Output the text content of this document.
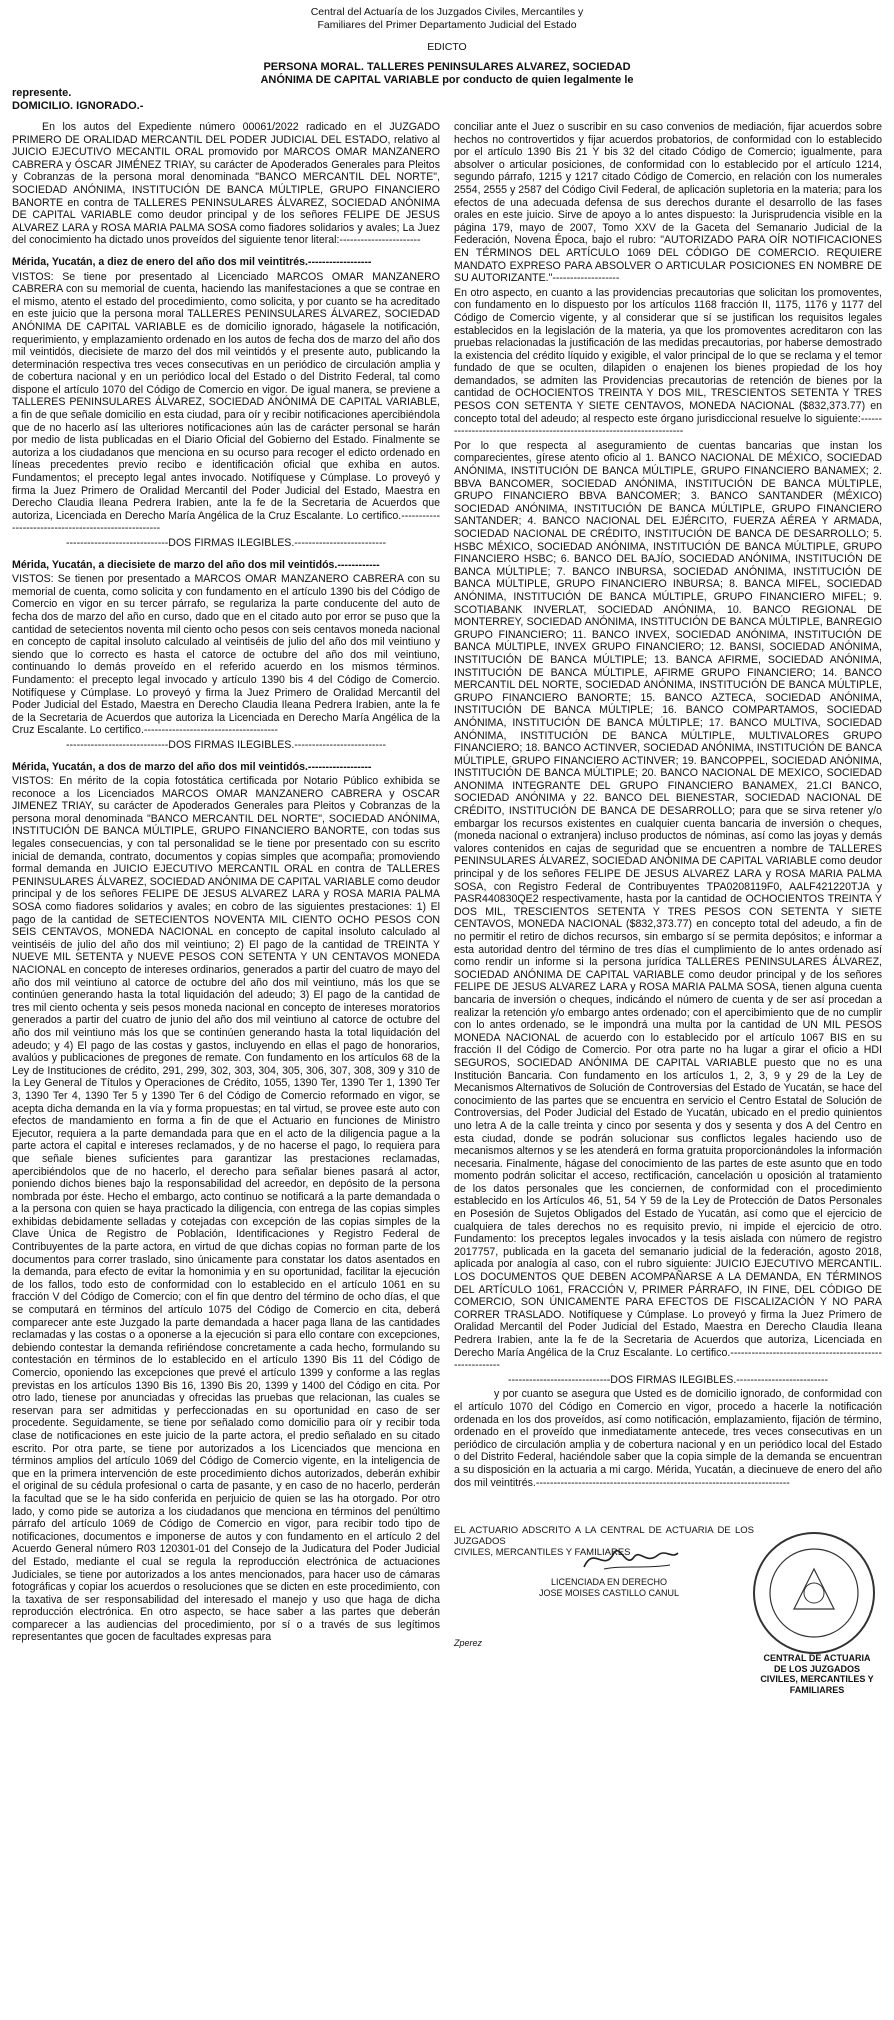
Central del Actuaría de los Juzgados Civiles, Mercantiles y
Familiares del Primer Departamento Judicial del Estado
EDICTO
PERSONA MORAL. TALLERES PENINSULARES ALVAREZ, SOCIEDAD
ANÓNIMA DE CAPITAL VARIABLE por conducto de quien legalmente le
represente.
DOMICILIO. IGNORADO.-

En los autos del Expediente número 00061/2022 radicado en el JUZGADO PRIMERO DE ORALIDAD MERCANTIL DEL PODER JUDICIAL DEL ESTADO, relativo al JUICIO EJECUTIVO MECANTIL ORAL promovido por MARCOS OMAR MANZANERO CABRERA y ÓSCAR JIMÉNEZ TRIAY, su carácter de Apoderados Generales para Pleitos y Cobranzas de la persona moral denominada "BANCO MERCANTIL DEL NORTE", SOCIEDAD ANÓNIMA, INSTITUCIÓN DE BANCA MÚLTIPLE, GRUPO FINANCIERO BANORTE en contra de TALLERES PENINSULARES ÁLVAREZ, SOCIEDAD ANÓNIMA DE CAPITAL VARIABLE como deudor principal y de los señores FELIPE DE JESUS ALVAREZ LARA y ROSA MARIA PALMA SOSA como fiadores solidarios y avales; La Juez del conocimiento ha dictado unos proveídos del siguiente tenor literal:-----------------------

Mérida, Yucatán, a diez de enero del año dos mil veintitrés.------------------

VISTOS: Se tiene por presentado al Licenciado MARCOS OMAR MANZANERO CABRERA con su memorial de cuenta, haciendo las manifestaciones a que se contrae en el mismo, atento el estado del procedimiento, como solicita, y por cuanto se ha acreditado en este juicio que la persona moral TALLERES PENINSULARES ÁLVAREZ, SOCIEDAD ANÓNIMA DE CAPITAL VARIABLE es de domicilio ignorado, hágasele la notificación, requerimiento, y emplazamiento ordenado en los autos de fecha dos de marzo del año dos mil veintidós, diecisiete de marzo del dos mil veintidós y el presente auto, publicando la determinación respectiva tres veces consecutivas en un periódico de circulación amplia y de cobertura nacional y en un periódico local del Estado o del Distrito Federal, tal como dispone el artículo 1070 del Código de Comercio en vigor. De igual manera, se previene a TALLERES PENINSULARES ÁLVAREZ, SOCIEDAD ANÓNIMA DE CAPITAL VARIABLE, a fin de que señale domicilio en esta ciudad, para oír y recibir notificaciones apercibiéndola que de no hacerlo así las ulteriores notificaciones aún las de carácter personal se harán por medio de lista publicadas en el Diario Oficial del Gobierno del Estado. Finalmente se autoriza a los ciudadanos que menciona en su ocurso para recoger el edicto ordenado en líneas precedentes previo recibo e identificación oficial que exhiba en autos. Fundamentos; el precepto legal antes invocado. Notifíquese y Cúmplase. Lo proveyó y firma la Juez Primero de Oralidad Mercantil del Poder Judicial del Estado, Maestra en Derecho Claudia Ileana Pedrera Irabien, ante la fe de la Secretaria de Acuerdos que autoriza, Licenciada en Derecho María Angélica de la Cruz Escalante. Lo certifico.-----------------------------------------------------

-----------------------------DOS FIRMAS ILEGIBLES.--------------------------

Mérida, Yucatán, a diecisiete de marzo del año dos mil veintidós.------------

VISTOS: Se tienen por presentado a MARCOS OMAR MANZANERO CABRERA con su memorial de cuenta, como solicita y con fundamento en el artículo 1390 bis del Código de Comercio en vigor en su tercer párrafo, se regulariza la parte conducente del auto de fecha dos de marzo del año en curso, dado que en el citado auto por error se puso que la cantidad de setecientos noventa mil ciento ocho pesos con seis centavos moneda nacional en concepto de capital insoluto calculado al veintiséis de julio del año dos mil veintiuno y siendo que lo correcto es hasta el catorce de octubre del año dos mil veintiuno, continuando lo demás proveído en el referido acuerdo en los mismos términos. Fundamento: el precepto legal invocado y artículo 1390 bis 4 del Código de Comercio. Notifíquese y Cúmplase. Lo proveyó y firma la Juez Primero de Oralidad Mercantil del Poder Judicial del Estado, Maestra en Derecho Claudia Ileana Pedrera Irabien, ante la fe de la Secretaria de Acuerdos que autoriza la Licenciada en Derecho María Angélica de la Cruz Escalante. Lo certifico.--------------------------------------

-----------------------------DOS FIRMAS ILEGIBLES.--------------------------

Mérida, Yucatán, a dos de marzo del año dos mil veintidós.------------------

VISTOS: En mérito de la copia fotostática certificada por Notario Público exhibida se reconoce a los Licenciados MARCOS OMAR MANZANERO CABRERA y OSCAR JIMENEZ TRIAY, su carácter de Apoderados Generales para Pleitos y Cobranzas de la persona moral denominada "BANCO MERCANTIL DEL NORTE", SOCIEDAD ANÓNIMA, INSTITUCIÓN DE BANCA MÚLTIPLE, GRUPO FINANCIERO BANORTE, con todas sus legales consecuencias, y con tal personalidad se le tiene por presentado con su escrito inicial de demanda, contrato, documentos y copias simples que acompaña; promoviendo formal demanda en JUICIO EJECUTIVO MERCANTIL ORAL en contra de TALLERES PENINSULARES ÁLVAREZ, SOCIEDAD ANÓNIMA DE CAPITAL VARIABLE como deudor principal y de los señores FELIPE DE JESUS ALVAREZ LARA y ROSA MARIA PALMA SOSA como fiadores solidarios y avales; en cobro de las siguientes prestaciones: 1) El pago de la cantidad de SETECIENTOS NOVENTA MIL CIENTO OCHO PESOS CON SEIS CENTAVOS, MONEDA NACIONAL en concepto de capital insoluto calculado al veintiséis de julio del año dos mil veintiuno; 2) El pago de la cantidad de TREINTA Y NUEVE MIL SETENTA y NUEVE PESOS CON SETENTA Y UN CENTAVOS MONEDA NACIONAL en concepto de intereses ordinarios, generados a partir del cuatro de mayo del año dos mil veintiuno al catorce de octubre del año dos mil veintiuno, más los que se continúen generando hasta la total liquidación del adeudo; 3) El pago de la cantidad de tres mil ciento ochenta y seis pesos moneda nacional en concepto de intereses moratorios generados a partir del cuatro de junio del año dos mil veintiuno al catorce de octubre del año dos mil veintiuno más los que se continúen generando hasta la total liquidación del adeudo; y 4) El pago de las costas y gastos, incluyendo en ellas el pago de honorarios, avalúos y publicaciones de pregones de remate. Con fundamento en los artículos 68 de la Ley de Instituciones de crédito, 291, 299, 302, 303, 304, 305, 306, 307, 308, 309 y 310 de la Ley General de Títulos y Operaciones de Crédito, 1055, 1390 Ter, 1390 Ter 1, 1390 Ter 3, 1390 Ter 4, 1390 Ter 5 y 1390 Ter 6 del Código de Comercio reformado en vigor, se acepta dicha demanda en la vía y forma propuestas; en tal virtud, se provee este auto con efectos de mandamiento en forma a fin de que el Actuario en funciones de Ministro Ejecutor, requiera a la parte demandada para que en el acto de la diligencia pague a la parte actora el capital e intereses reclamados, y de no hacerse el pago, lo requiera para que señale bienes suficientes para garantizar las prestaciones reclamadas, apercibiéndolos que de no hacerlo, el derecho para señalar bienes pasará al actor, poniendo dichos bienes bajo la responsabilidad del acreedor, en depósito de la persona nombrada por éste. Hecho el embargo, acto continuo se notificará a la parte demandada o a la persona con quien se haya practicado la diligencia, con entrega de las copias simples exhibidas debidamente selladas y cotejadas con excepción de las copias simples de la Clave Única de Registro de Población, Identificaciones y Registro Federal de Contribuyentes de la parte actora, en virtud de que dichas copias no forman parte de los documentos para correr traslado, sino únicamente para constatar los datos asentados en la demanda, para efecto de evitar la homonimia y en su oportunidad, facilitar la ejecución de los fallos, todo esto de conformidad con lo establecido en el artículo 1061 en su fracción V del Código de Comercio; con el fin que dentro del término de ocho días, el que se computará en términos del artículo 1075 del Código de Comercio en cita, deberá comparecer ante este Juzgado la parte demandada a hacer paga llana de las cantidades reclamadas y las costas o a oponerse a la ejecución si para ello contare con excepciones, debiendo contestar la demanda refiriéndose concretamente a cada hecho, formulando su contestación en términos de lo establecido en el artículo 1390 Bis 11 del Código de Comercio, oponiendo las excepciones que prevé el artículo 1399 y conforme a las reglas previstas en los artículos 1390 Bis 16, 1390 Bis 20, 1399 y 1400 del Código en cita. Por otro lado, tienese por anunciadas y ofrecidas las pruebas que relacionan, las cuales se reservan para ser admitidas y perfeccionadas en su oportunidad en caso de ser procedente. Seguidamente, se tiene por señalado como domicilio para oír y recibir toda clase de notificaciones en este juicio de la parte actora, el predio señalado en su citado escrito. Por otra parte, se tiene por autorizados a los Licenciados que menciona en términos amplios del artículo 1069 del Código de Comercio vigente, en la inteligencia de que en la primera intervención de este procedimiento dichos autorizados, deberán exhibir el original de su cédula profesional o carta de pasante, y en caso de no hacerlo, perderán la facultad que se le ha sido conferida en perjuicio de quien se las ha otorgado. Por otro lado, y como pide se autoriza a los ciudadanos que menciona en términos del penúltimo párrafo del artículo 1069 de Código de Comercio en vigor, para recibir todo tipo de notificaciones, documentos e imponerse de autos y con fundamento en el artículo 2 del Acuerdo General número R03 120301-01 del Consejo de la Judicatura del Poder Judicial del Estado, mediante el cual se regula la reproducción electrónica de actuaciones Judiciales, se tiene por autorizados a los antes mencionados, para hacer uso de cámaras fotográficas y copiar los acuerdos o resoluciones que se dicten en este procedimiento, con la taxativa de ser responsabilidad del interesado el manejo y uso que haga de dicha reproducción electrónica. En otro aspecto, se hace saber a las partes que deberán comparecer a las audiencias del procedimiento, por sí o a través de sus legítimos representantes que gocen de facultades expresas para

conciliar ante el Juez o suscribir en su caso convenios de mediación, fijar acuerdos sobre hechos no controvertidos y fijar acuerdos probatorios, de conformidad con lo establecido por el artículo 1390 Bis 21 Y bis 32 del citado Código de Comercio; igualmente, para absolver o articular posiciones, de conformidad con lo establecido por el artículo 1214, segundo párrafo, 1215 y 1217 citado Código de Comercio, en relación con los numerales 2554, 2555 y 2587 del Código Civil Federal, de aplicación supletoria en la materia; para los efectos de una adecuada defensa de sus derechos durante el desarrollo de las fases orales en este juicio. Sirve de apoyo a lo antes dispuesto: la Jurisprudencia visible en la página 179, mayo de 2007, Tomo XXV de la Gaceta del Semanario Judicial de la Federación, Novena Época, bajo el rubro: "AUTORIZADO PARA OÍR NOTIFICACIONES EN TÉRMINOS DEL ARTÍCULO 1069 DEL CÓDIGO DE COMERCIO. REQUIERE MANDATO EXPRESO PARA ABSOLVER O ARTICULAR POSICIONES EN NOMBRE DE SU AUTORIZANTE."-------------------

En otro aspecto, en cuanto a las providencias precautorias que solicitan los promoventes, con fundamento en lo dispuesto por los artículos 1168 fracción II, 1175, 1176 y 1177 del Código de Comercio vigente, y al considerar que sí se justifican los requisitos legales establecidos en la legislación de la materia, ya que los promoventes acreditaron con las pruebas relacionadas la justificación de las medidas precautorias, por haberse demostrado la existencia del crédito líquido y exigible, el valor principal de lo que se reclama y el temor fundado de que se oculten, dilapiden o enajenen los bienes propiedad de los hoy demandados, se admiten las Providencias precautorias de retención de bienes por la cantidad de OCHOCIENTOS TREINTA Y DOS MIL, TRESCIENTOS SETENTA Y TRES PESOS CON SETENTA Y SIETE CENTAVOS, MONEDA NACIONAL ($832,373.77) en concepto total del adeudo; al respecto este órgano jurisdiccional resuelve lo siguiente:-----------------------------------------------------------------------

Por lo que respecta al aseguramiento de cuentas bancarias que instan los comparecientes, gírese atento oficio al 1. BANCO NACIONAL DE MÉXICO, SOCIEDAD ANÓNIMA, INSTITUCIÓN DE BANCA MÚLTIPLE, GRUPO FINANCIERO BANAMEX; 2. BBVA BANCOMER, SOCIEDAD ANÓNIMA, INSTITUCIÓN DE BANCA MÚLTIPLE, GRUPO FINANCIERO BBVA BANCOMER; 3. BANCO SANTANDER (MÉXICO) SOCIEDAD ANÓNIMA, INSTITUCIÓN DE BANCA MÚLTIPLE, GRUPO FINANCIERO SANTANDER; 4. BANCO NACIONAL DEL EJÉRCITO, FUERZA AÉREA Y ARMADA, SOCIEDAD NACIONAL DE CRÉDITO, INSTITUCIÓN DE BANCA DE DESARROLLO; 5. HSBC MÉXICO, SOCIEDAD ANÓNIMA, INSTITUCIÓN DE BANCA MÚLTIPLE, GRUPO FINANCIERO HSBC; 6. BANCO DEL BAJÍO, SOCIEDAD ANÓNIMA, INSTITUCIÓN DE BANCA MÚLTIPLE; 7. BANCO INBURSA, SOCIEDAD ANÓNIMA, INSTITUCIÓN DE BANCA MÚLTIPLE, GRUPO FINANCIERO INBURSA; 8. BANCA MIFEL, SOCIEDAD ANÓNIMA, INSTITUCIÓN DE BANCA MÚLTIPLE, GRUPO FINANCIERO MIFEL; 9. SCOTIABANK INVERLAT, SOCIEDAD ANÓNIMA, 10. BANCO REGIONAL DE MONTERREY, SOCIEDAD ANÓNIMA, INSTITUCIÓN DE BANCA MÚLTIPLE, BANREGIO GRUPO FINANCIERO; 11. BANCO INVEX, SOCIEDAD ANÓNIMA, INSTITUCIÓN DE BANCA MÚLTIPLE, INVEX GRUPO FINANCIERO; 12. BANSI, SOCIEDAD ANÓNIMA, INSTITUCIÓN DE BANCA MÚLTIPLE; 13. BANCA AFIRME, SOCIEDAD ANÓNIMA, INSTITUCIÓN DE BANCA MÚLTIPLE, AFIRME GRUPO FINANCIERO; 14. BANCO MERCANTIL DEL NORTE, SOCIEDAD ANÓNIMA, INSTITUCIÓN DE BANCA MÚLTIPLE, GRUPO FINANCIERO BANORTE; 15. BANCO AZTECA, SOCIEDAD ANÓNIMA, INSTITUCIÓN DE BANCA MÚLTIPLE; 16. BANCO COMPARTAMOS, SOCIEDAD ANÓNIMA, INSTITUCIÓN DE BANCA MÚLTIPLE; 17. BANCO MULTIVA, SOCIEDAD ANÓNIMA, INSTITUCIÓN DE BANCA MÚLTIPLE, MULTIVALORES GRUPO FINANCIERO; 18. BANCO ACTINVER, SOCIEDAD ANÓNIMA, INSTITUCIÓN DE BANCA MÚLTIPLE, GRUPO FINANCIERO ACTINVER; 19. BANCOPPEL, SOCIEDAD ANÓNIMA, INSTITUCIÓN DE BANCA MÚLTIPLE; 20. BANCO NACIONAL DE MEXICO, SOCIEDAD ANONIMA INTEGRANTE DEL GRUPO FINANCIERO BANAMEX, 21.CI BANCO, SOCIEDAD ANÓNIMA y 22. BANCO DEL BIENESTAR, SOCIEDAD NACIONAL DE CRÉDITO, INSTITUCIÓN DE BANCA DE DESARROLLO; para que se sirva retener y/o embargar los recursos existentes en cualquier cuenta bancaria de inversión o cheques, (moneda nacional o extranjera) incluso productos de nóminas, así como las joyas y demás valores contenidos en cajas de seguridad que se encuentren a nombre de TALLERES PENINSULARES ÁLVAREZ, SOCIEDAD ANÓNIMA DE CAPITAL VARIABLE como deudor principal y de los señores FELIPE DE JESUS ALVAREZ LARA y ROSA MARIA PALMA SOSA, con Registro Federal de Contribuyentes TPA0208119F0, AALF421220TJA y PASR440830QE2 respectivamente, hasta por la cantidad de OCHOCIENTOS TREINTA Y DOS MIL, TRESCIENTOS SETENTA Y TRES PESOS CON SETENTA Y SIETE CENTAVOS, MONEDA NACIONAL ($832,373.77) en concepto total del adeudo, a fin de no permitir el retiro de dichos recursos, sin embargo sí se permita depósitos; e informar a esta autoridad dentro del término de tres días el cumplimiento de lo antes ordenado así como rendir un informe si la persona jurídica TALLERES PENINSULARES ÁLVAREZ, SOCIEDAD ANÓNIMA DE CAPITAL VARIABLE como deudor principal y de los señores FELIPE DE JESUS ALVAREZ LARA y ROSA MARIA PALMA SOSA, tienen alguna cuenta bancaria de inversión o cheques, indicándo el número de cuenta y de ser así procedan a realizar la retención y/o embargo antes ordenado; con el apercibimiento que de no cumplir con lo antes ordenado, se le impondrá una multa por la cantidad de UN MIL PESOS MONEDA NACIONAL de acuerdo con lo establecido por el artículo 1067 BIS en su fracción II del Código de Comercio. Por otra parte no ha lugar a girar el oficio a HDI SEGUROS, SOCIEDAD ANÓNIMA DE CAPITAL VARIABLE puesto que no es una Institución Bancaria. Con fundamento en los artículos 1, 2, 3, 9 y 29 de la Ley de Mecanismos Alternativos de Solución de Controversias del Estado de Yucatán, se hace del conocimiento de las partes que se encuentra en servicio el Centro Estatal de Solución de Controversias, del Poder Judicial del Estado de Yucatán, ubicado en el predio quinientos uno letra A de la calle treinta y cinco por sesenta y dos y sesenta y dos A del Centro en esta ciudad, donde se podrán solucionar sus conflictos legales haciendo uso de mecanismos alternos y se les atenderá en forma gratuita proporcionándoles la información necesaria. Finalmente, hágase del conocimiento de las partes de este asunto que en todo momento podrán solicitar el acceso, rectificación, cancelación u oposición al tratamiento de los datos personales que les conciernen, de conformidad con el procedimiento establecido en los Artículos 46, 51, 54 Y 59 de la Ley de Protección de Datos Personales en Posesión de Sujetos Obligados del Estado de Yucatán, así como que el ejercicio de cualquiera de tales derechos no es requisito previo, ni impide el ejercicio de otro. Fundamento: los preceptos legales invocados y la tesis aislada con número de registro 2017757, publicada en la gaceta del semanario judicial de la federación, agosto 2018, aplicada por analogía al caso, con el rubro siguiente: JUICIO EJECUTIVO MERCANTIL. LOS DOCUMENTOS QUE DEBEN ACOMPAÑARSE A LA DEMANDA, EN TÉRMINOS DEL ARTÍCULO 1061, FRACCIÓN V, PRIMER PÁRRAFO, IN FINE, DEL CÓDIGO DE COMERCIO, SON ÚNICAMENTE PARA EFECTOS DE FISCALIZACIÓN Y NO PARA CORRER TRASLADO. Notifíquese y Cúmplase. Lo proveyó y firma la Juez Primero de Oralidad Mercantil del Poder Judicial del Estado, Maestra en Derecho Claudia Ileana Pedrera Irabien, ante la fe de la Secretaria de Acuerdos que autoriza, Licenciada en Derecho María Angélica de la Cruz Escalante. Lo certifico.--------------------------------------------------------

-----------------------------DOS FIRMAS ILEGIBLES.--------------------------

y por cuanto se asegura que Usted es de domicilio ignorado, de conformidad con el artículo 1070 del Código en Comercio en vigor, procedo a hacerle la notificación ordenada en los dos proveídos, así como notificación, emplazamiento, fijación de término, ordenado en el proveído que inmediatamente antecede, tres veces consecutivas en un periódico de circulación amplia y de cobertura nacional y en un periódico local del Estado o del Distrito Federal, haciéndole saber que la copia simple de la demanda se encuentran a su disposición en la actuaria a mi cargo. Mérida, Yucatán, a diecinueve de enero del año dos mil veintitrés.------------------------------------------------------------------------

EL ACTUARIO ADSCRITO A LA CENTRAL DE ACTUARIA DE LOS JUZGADOS
CIVILES, MERCANTILES Y FAMILIARES
LICENCIADA EN DERECHO
JOSE MOISES CASTILLO CANUL
Zperez
CENTRAL DE ACTUARIA
DE LOS JUZGADOS
CIVILES, MERCANTILES Y
FAMILIARES
